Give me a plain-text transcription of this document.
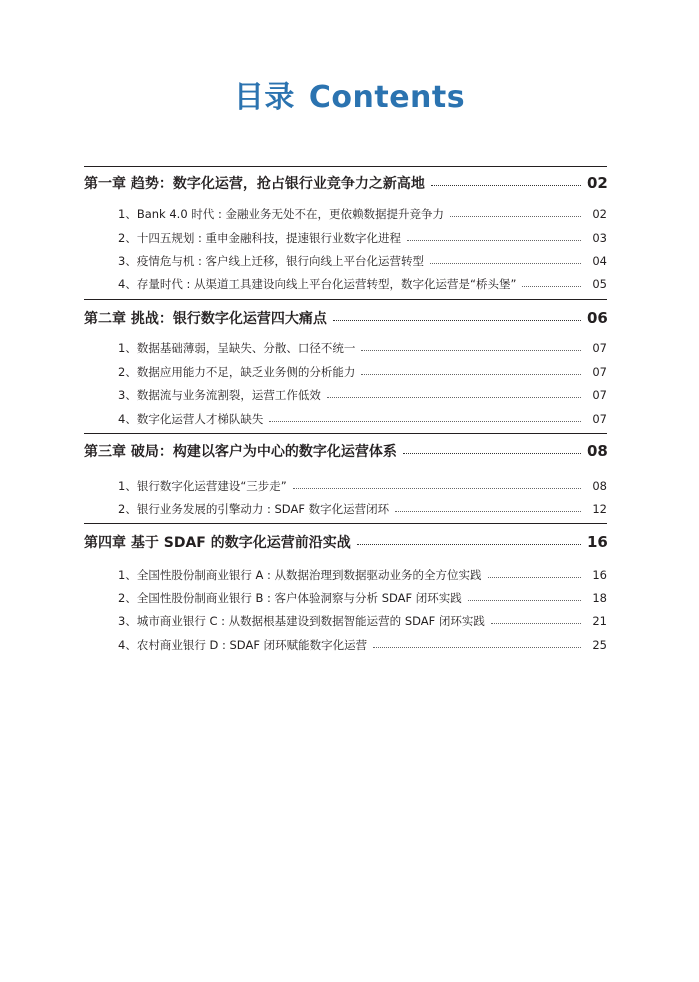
目录 Contents
第一章 趋势：数字化运营，抢占银行业竞争力之新高地	02
1、Bank 4.0 时代 : 金融业务无处不在，更依赖数据提升竞争力	02
2、十四五规划 : 重申金融科技，提速银行业数字化进程	03
3、疫情危与机 : 客户线上迁移，银行向线上平台化运营转型	04
4、存量时代 : 从渠道工具建设向线上平台化运营转型，数字化运营是“桥头堡”	05
第二章 挑战：银行数字化运营四大痛点	06
1、数据基础薄弱，呈缺失、分散、口径不统一	07
2、数据应用能力不足，缺乏业务侧的分析能力	07
3、数据流与业务流割裂，运营工作低效	07
4、数字化运营人才梯队缺失	07
第三章 破局：构建以客户为中心的数字化运营体系	08
1、银行数字化运营建设“三步走”	08
2、银行业务发展的引擎动力 : SDAF 数字化运营闭环	12
第四章 基于 SDAF 的数字化运营前沿实战	16
1、全国性股份制商业银行 A : 从数据治理到数据驱动业务的全方位实践	16
2、全国性股份制商业银行 B : 客户体验洞察与分析 SDAF 闭环实践	18
3、城市商业银行 C : 从数据根基建设到数据智能运营的 SDAF 闭环实践	21
4、农村商业银行 D : SDAF 闭环赋能数字化运营	25
